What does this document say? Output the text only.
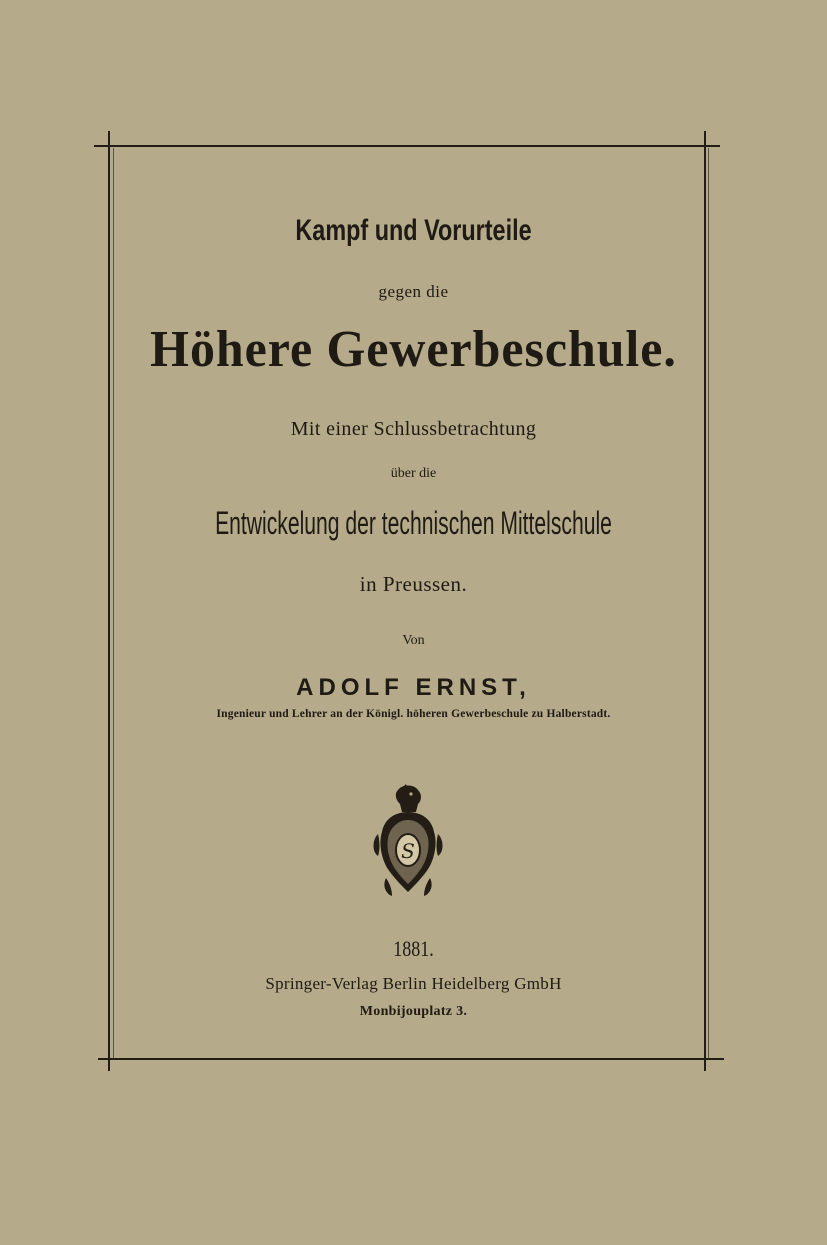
Kampf und Vorurteile
gegen die
Höhere Gewerbeschule.
Mit einer Schlussbetrachtung
über die
Entwickelung der technischen Mittelschule
in Preussen.
Von
ADOLF ERNST,
Ingenieur und Lehrer an der Königl. höheren Gewerbeschule zu Halberstadt.
S
1881.
Springer-Verlag Berlin Heidelberg GmbH
Monbijouplatz 3.
